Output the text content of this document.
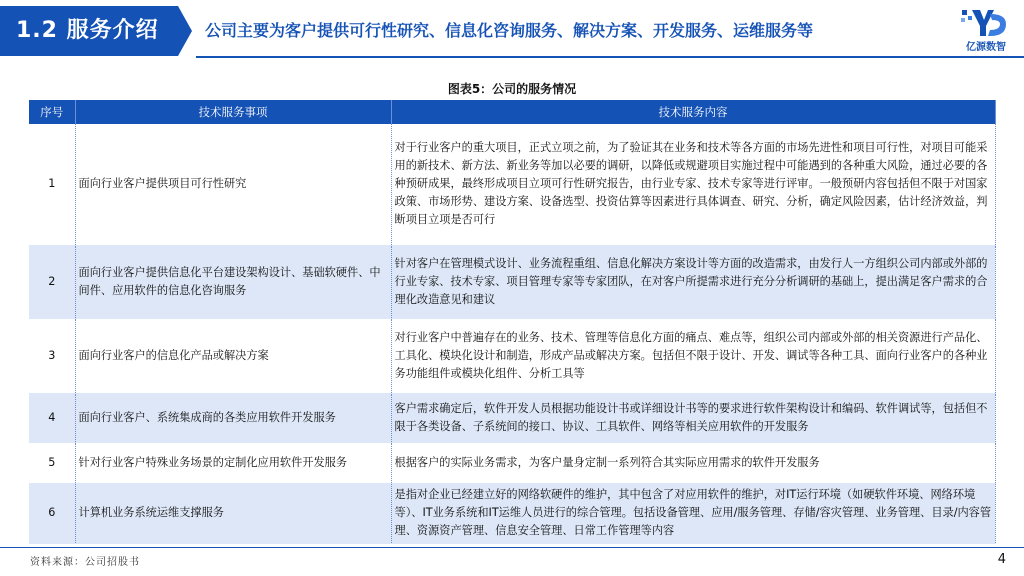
1.2 服务介绍	公司主要为客户提供可行性研究、信息化咨询服务、解决方案、开发服务、运维服务等
亿源数智
图表5：公司的服务情况
序号	技术服务事项	技术服务内容
1	面向行业客户提供项目可行性研究	对于行业客户的重大项目，正式立项之前，为了验证其在业务和技术等各方面的市场先进性和项目可行性，对项目可能采用的新技术、新方法、新业务等加以必要的调研，以降低或规避项目实施过程中可能遇到的各种重大风险，通过必要的各种预研成果，最终形成项目立项可行性研究报告，由行业专家、技术专家等进行评审。一般预研内容包括但不限于对国家政策、市场形势、建设方案、设备选型、投资估算等因素进行具体调查、研究、分析，确定风险因素，估计经济效益，判断项目立项是否可行
2	面向行业客户提供信息化平台建设架构设计、基础软硬件、中间件、应用软件的信息化咨询服务	针对客户在管理模式设计、业务流程重组、信息化解决方案设计等方面的改造需求，由发行人一方组织公司内部或外部的行业专家、技术专家、项目管理专家等专家团队，在对客户所提需求进行充分分析调研的基础上，提出满足客户需求的合理化改造意见和建议
3	面向行业客户的信息化产品或解决方案	对行业客户中普遍存在的业务、技术、管理等信息化方面的痛点、难点等，组织公司内部或外部的相关资源进行产品化、工具化、模块化设计和制造，形成产品或解决方案。包括但不限于设计、开发、调试等各种工具、面向行业客户的各种业务功能组件或模块化组件、分析工具等
4	面向行业客户、系统集成商的各类应用软件开发服务	客户需求确定后，软件开发人员根据功能设计书或详细设计书等的要求进行软件架构设计和编码、软件调试等，包括但不限于各类设备、子系统间的接口、协议、工具软件、网络等相关应用软件的开发服务
5	针对行业客户特殊业务场景的定制化应用软件开发服务	根据客户的实际业务需求，为客户量身定制一系列符合其实际应用需求的软件开发服务
6	计算机业务系统运维支撑服务	是指对企业已经建立好的网络软硬件的维护，其中包含了对应用软件的维护，对IT运行环境（如硬软件环境、网络环境等）、IT业务系统和IT运维人员进行的综合管理。包括设备管理、应用/服务管理、存储/容灾管理、业务管理、目录/内容管理、资源资产管理、信息安全管理、日常工作管理等内容
资料来源：公司招股书	4
